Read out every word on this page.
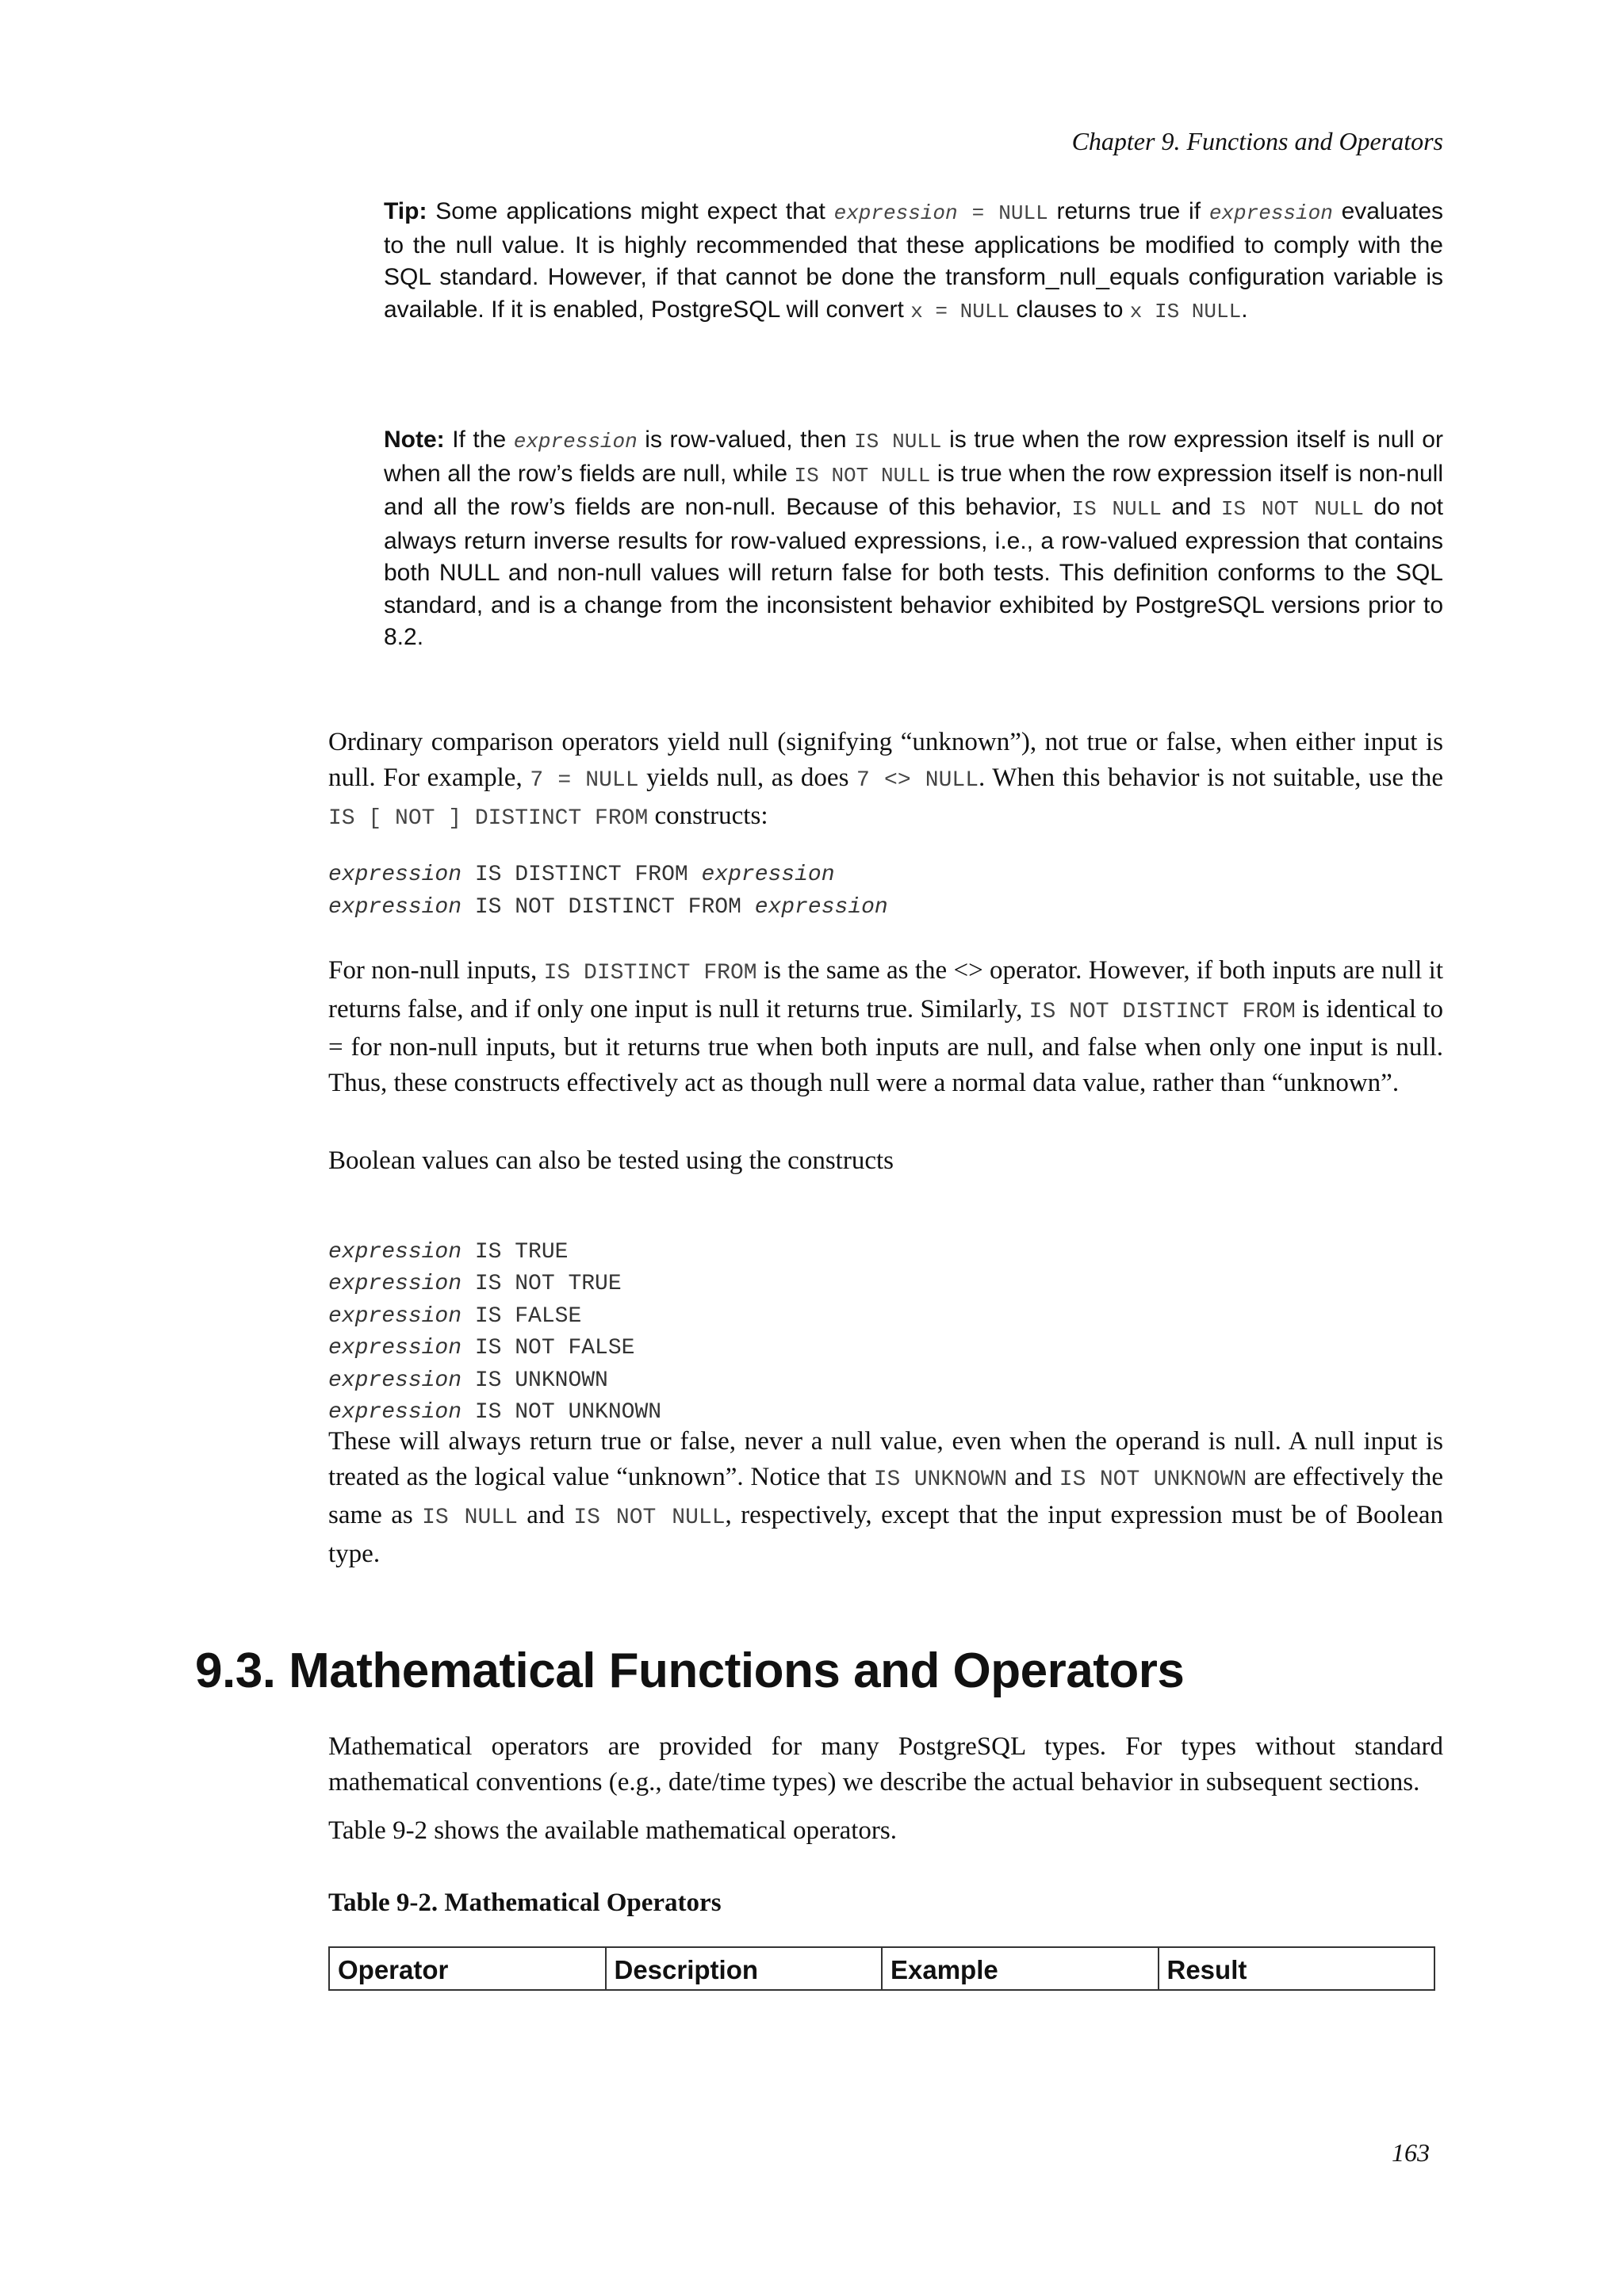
Chapter 9. Functions and Operators
Tip: Some applications might expect that expression = NULL returns true if expression evaluates to the null value. It is highly recommended that these applications be modified to comply with the SQL standard. However, if that cannot be done the transform_null_equals configuration variable is available. If it is enabled, PostgreSQL will convert x = NULL clauses to x IS NULL.
Note: If the expression is row-valued, then IS NULL is true when the row expression itself is null or when all the row’s fields are null, while IS NOT NULL is true when the row expression itself is non-null and all the row’s fields are non-null. Because of this behavior, IS NULL and IS NOT NULL do not always return inverse results for row-valued expressions, i.e., a row-valued expression that contains both NULL and non-null values will return false for both tests. This definition conforms to the SQL standard, and is a change from the inconsistent behavior exhibited by PostgreSQL versions prior to 8.2.

Ordinary comparison operators yield null (signifying “unknown”), not true or false, when either input is null. For example, 7 = NULL yields null, as does 7 <> NULL. When this behavior is not suitable, use the IS [ NOT ] DISTINCT FROM constructs:

expression IS DISTINCT FROM expression
expression IS NOT DISTINCT FROM expression

For non-null inputs, IS DISTINCT FROM is the same as the <> operator. However, if both inputs are null it returns false, and if only one input is null it returns true. Similarly, IS NOT DISTINCT FROM is identical to = for non-null inputs, but it returns true when both inputs are null, and false when only one input is null. Thus, these constructs effectively act as though null were a normal data value, rather than “unknown”.

Boolean values can also be tested using the constructs

expression IS TRUE
expression IS NOT TRUE
expression IS FALSE
expression IS NOT FALSE
expression IS UNKNOWN
expression IS NOT UNKNOWN

These will always return true or false, never a null value, even when the operand is null. A null input is treated as the logical value “unknown”. Notice that IS UNKNOWN and IS NOT UNKNOWN are effectively the same as IS NULL and IS NOT NULL, respectively, except that the input expression must be of Boolean type.

9.3. Mathematical Functions and Operators

Mathematical operators are provided for many PostgreSQL types. For types without standard mathematical conventions (e.g., date/time types) we describe the actual behavior in subsequent sections.

Table 9-2 shows the available mathematical operators.

Table 9-2. Mathematical Operators
Operator	Description	Example	Result
163
